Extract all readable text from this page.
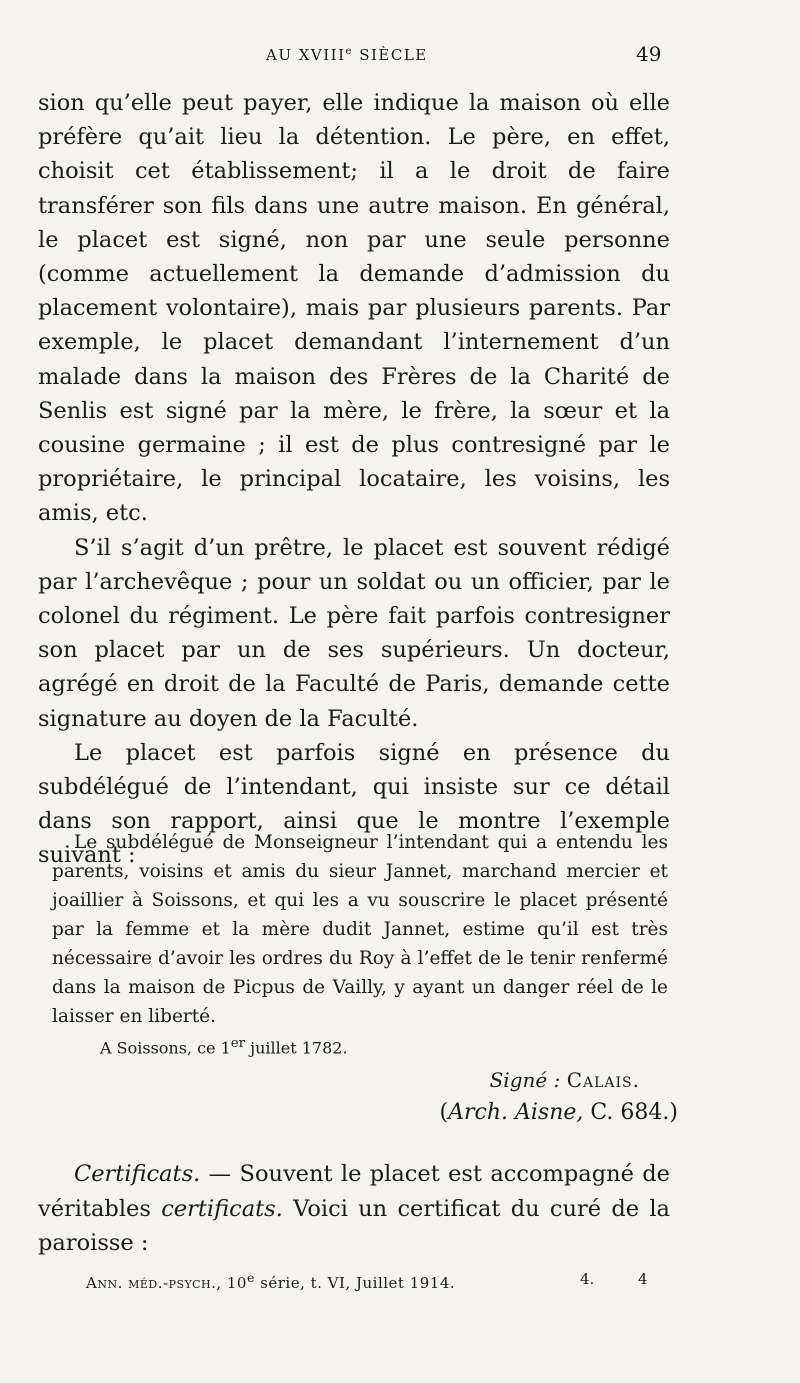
AU XVIIIe SIÈCLE	49

sion qu’elle peut payer, elle indique la maison où elle préfère qu’ait lieu la détention. Le père, en effet, choisit cet établissement; il a le droit de faire transférer son fils dans une autre maison. En général, le placet est signé, non par une seule personne (comme actuellement la demande d’admission du placement volontaire), mais par plusieurs parents. Par exemple, le placet demandant l’internement d’un malade dans la maison des Frères de la Charité de Senlis est signé par la mère, le frère, la sœur et la cousine germaine ; il est de plus contresigné par le propriétaire, le principal locataire, les voisins, les amis, etc.

S’il s’agit d’un prêtre, le placet est souvent rédigé par l’archevêque ; pour un soldat ou un officier, par le colonel du régiment. Le père fait parfois contresigner son placet par un de ses supérieurs. Un docteur, agrégé en droit de la Faculté de Paris, demande cette signature au doyen de la Faculté.

Le placet est parfois signé en présence du subdélégué de l’intendant, qui insiste sur ce détail dans son rapport, ainsi que le montre l’exemple suivant :

Le subdélégué de Monseigneur l’intendant qui a entendu les parents, voisins et amis du sieur Jannet, marchand mercier et joaillier à Soissons, et qui les a vu souscrire le placet présenté par la femme et la mère dudit Jannet, estime qu’il est très nécessaire d’avoir les ordres du Roy à l’effet de le tenir renfermé dans la maison de Picpus de Vailly, y ayant un danger réel de le laisser en liberté.

A Soissons, ce 1er juillet 1782.
Signé : Calais.
(Arch. Aisne, C. 684.)

Certificats. — Souvent le placet est accompagné de véritables certificats. Voici un certificat du curé de la paroisse :

Ann. méd.-psych., 10e série, t. VI, Juillet 1914.	4.	4
